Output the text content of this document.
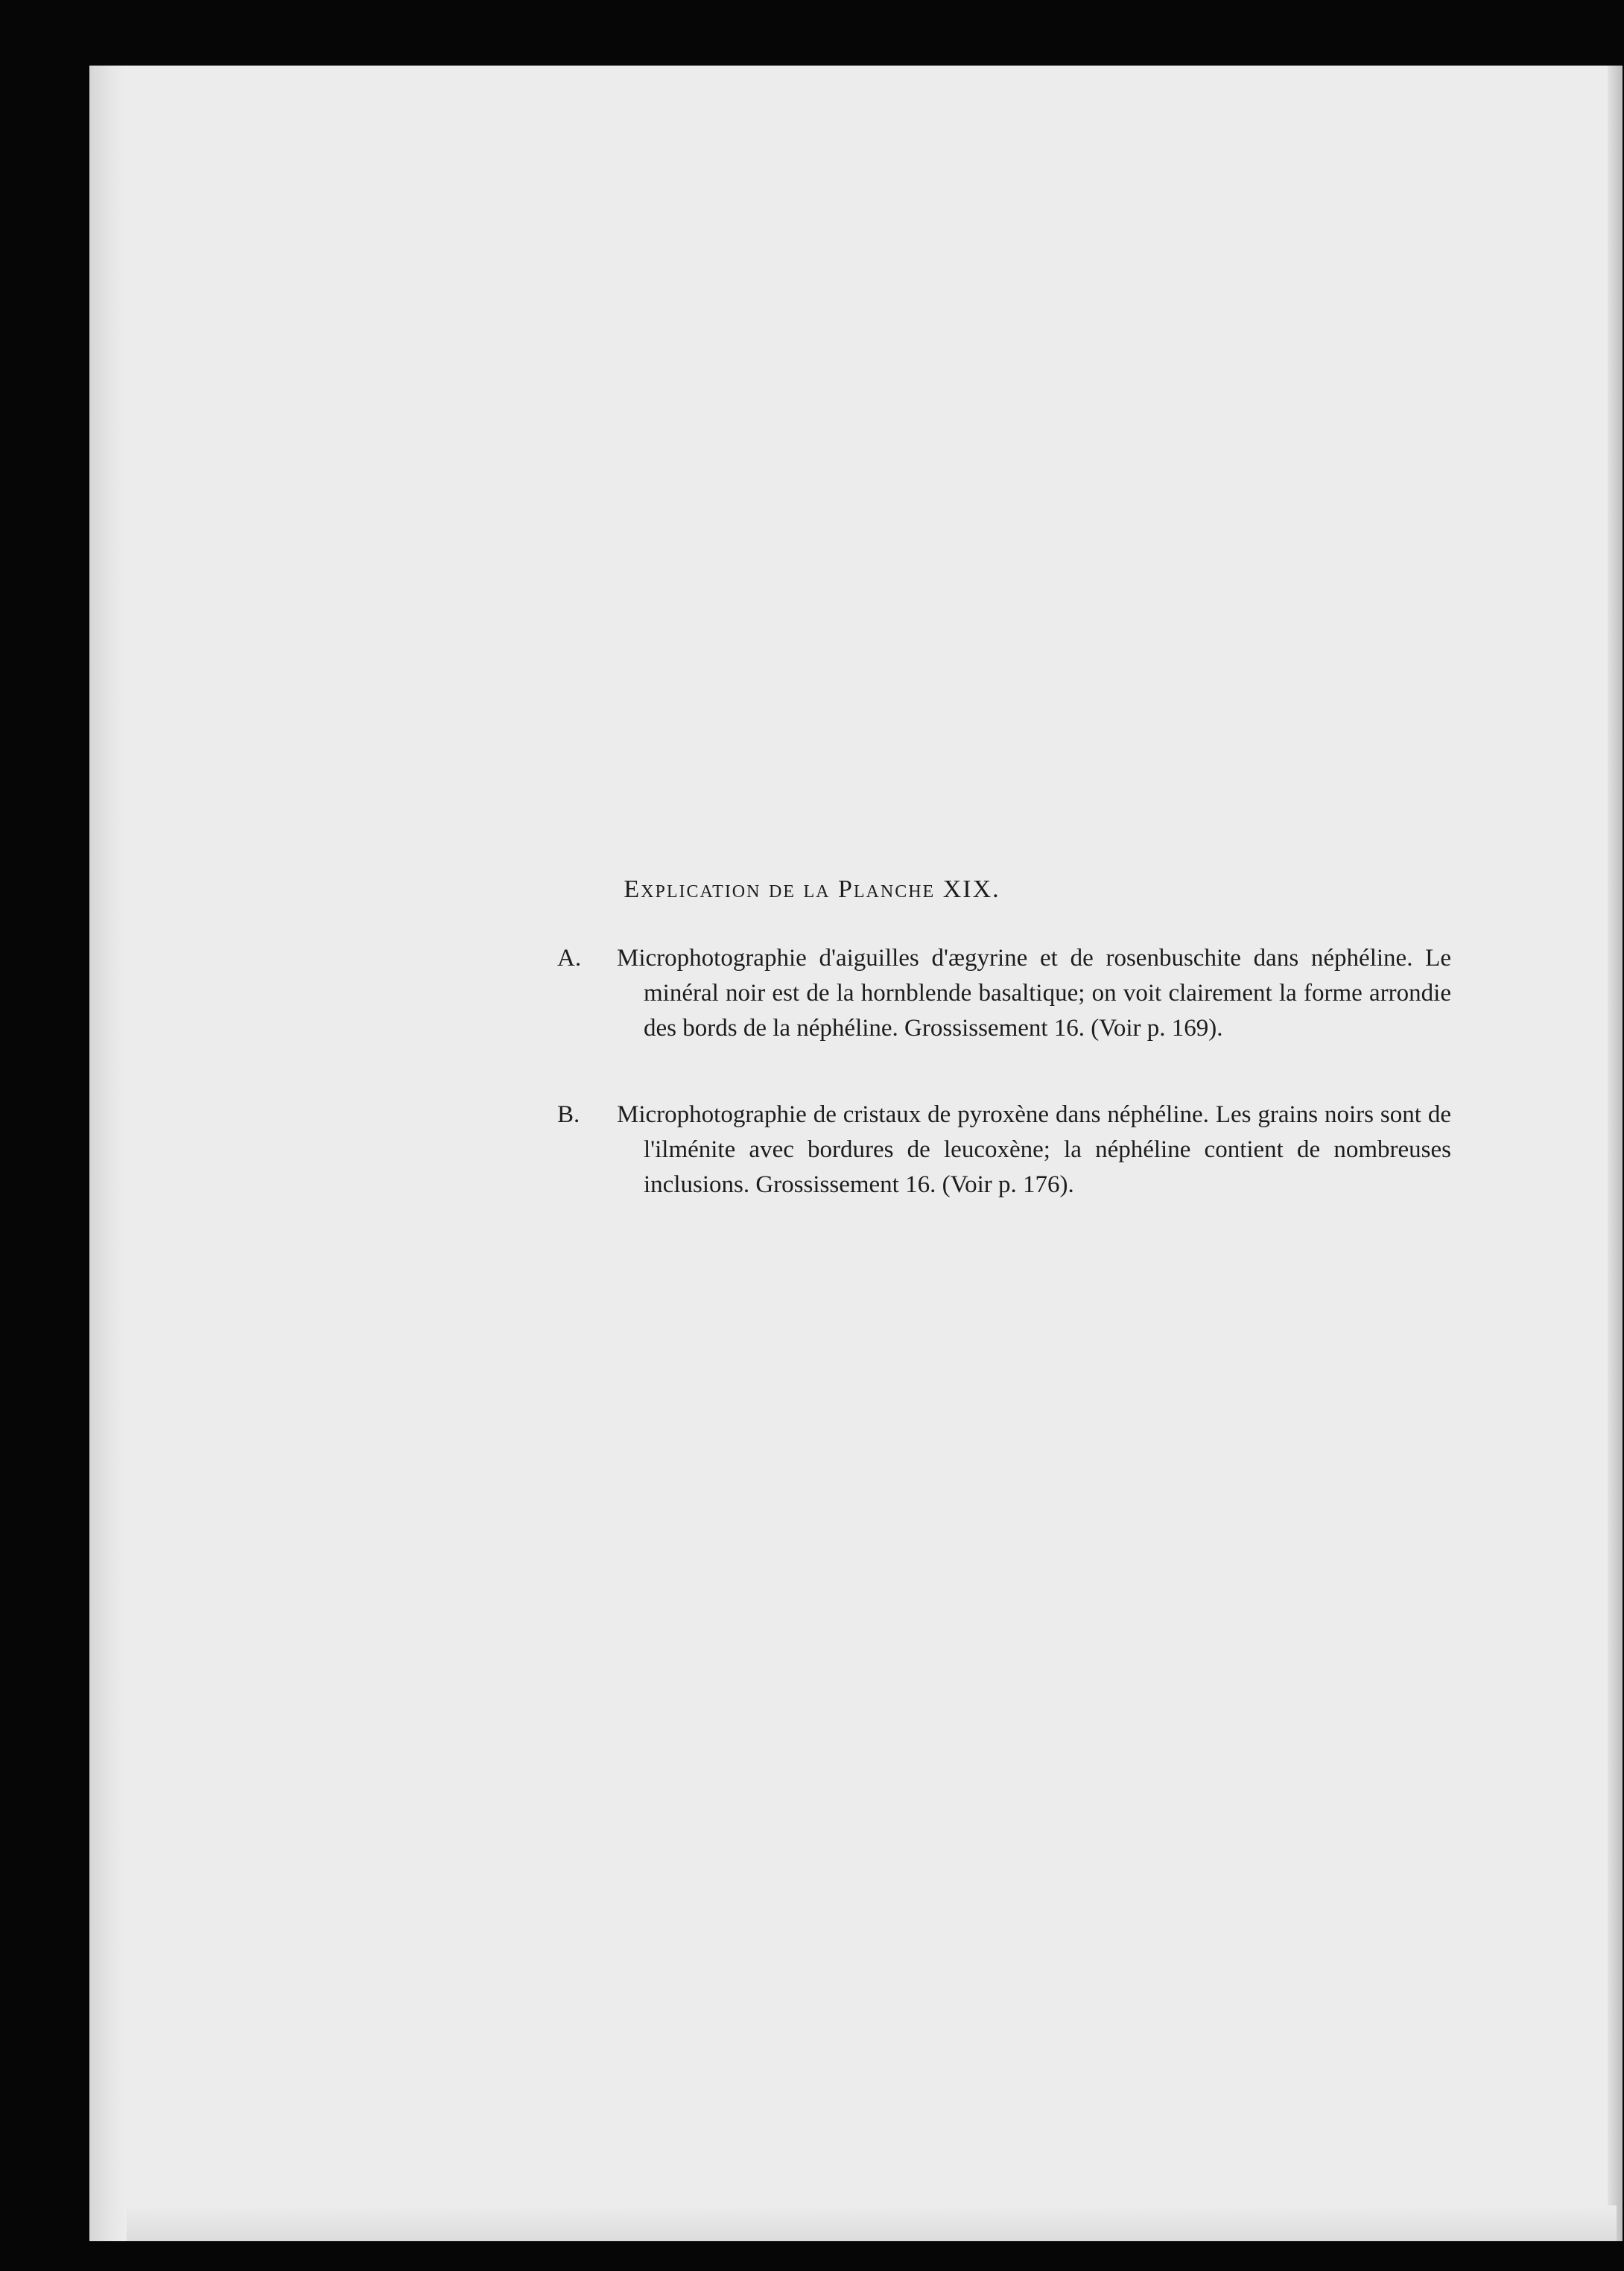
Explication de la Planche XIX.
A.	Microphotographie d'aiguilles d'ægyrine et de rosenbuschite dans néphéline. Le minéral noir est de la hornblende basaltique; on voit clairement la forme arrondie des bords de la néphéline. Grossissement 16. (Voir p. 169).
B.	Microphotographie de cristaux de pyroxène dans néphéline. Les grains noirs sont de l'ilménite avec bordures de leucoxène; la néphéline contient de nombreuses inclusions. Grossissement 16. (Voir p. 176).
